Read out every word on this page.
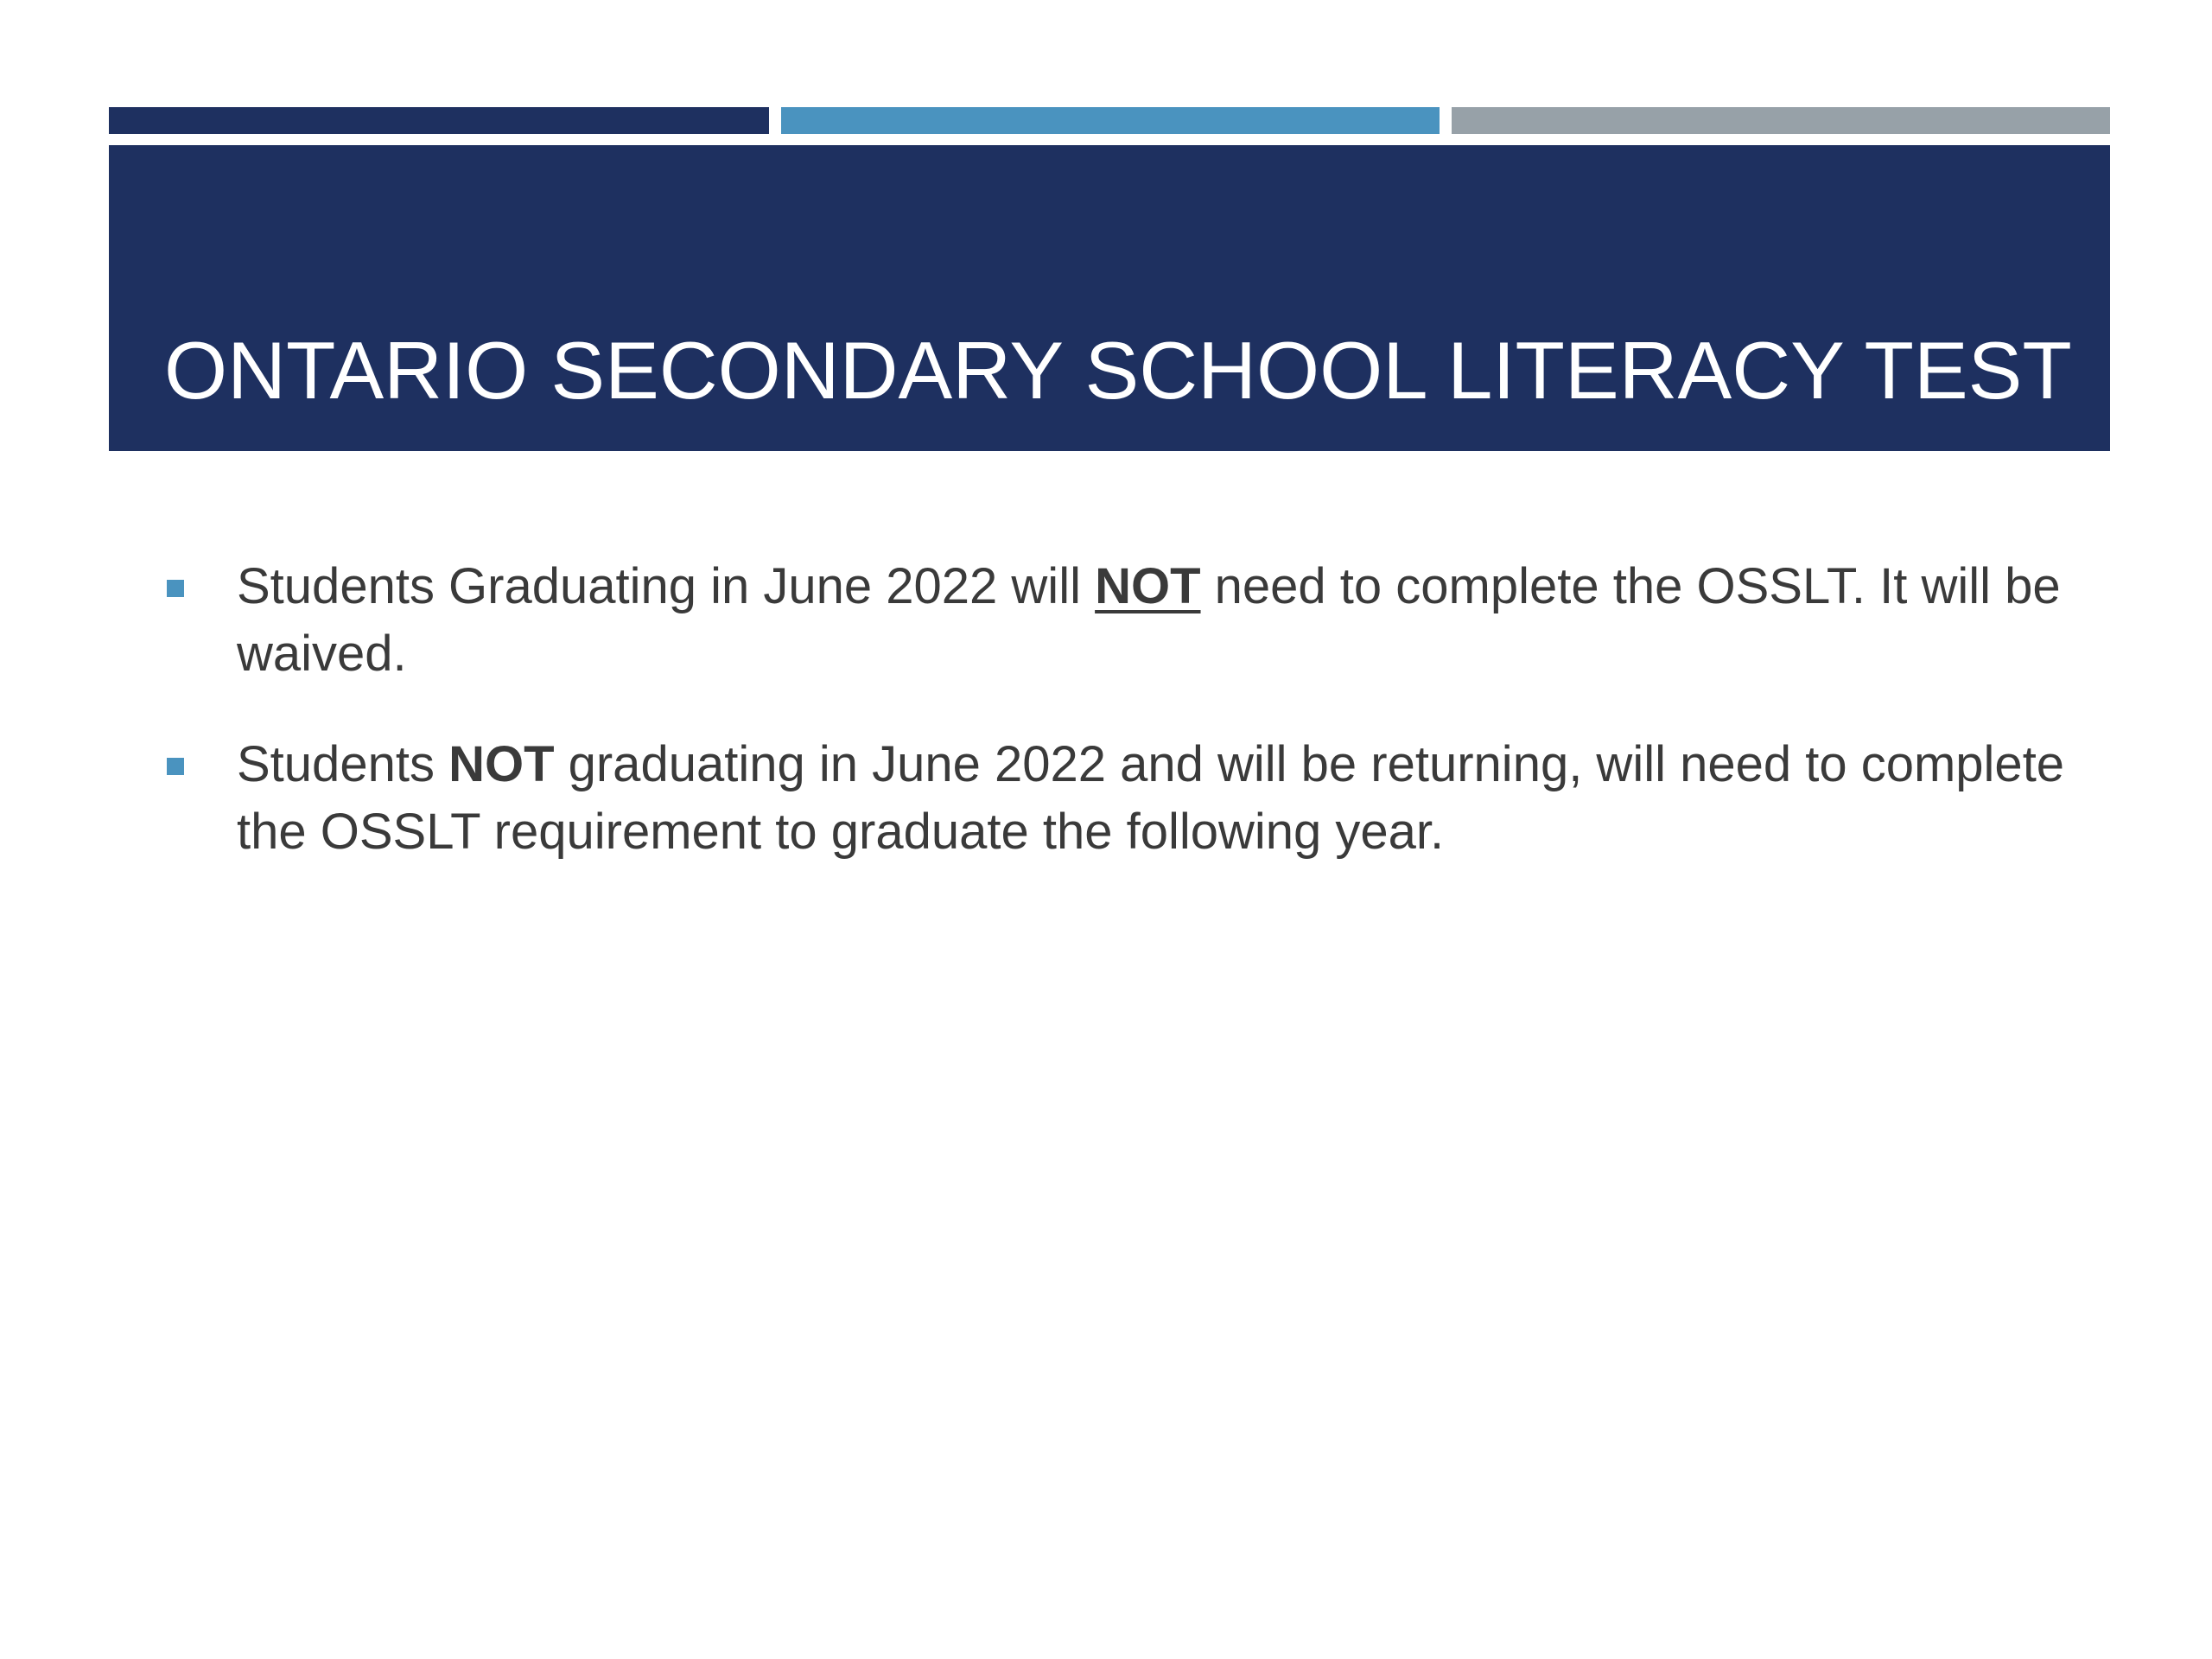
ONTARIO SECONDARY SCHOOL LITERACY TEST
Students Graduating in June 2022 will NOT need to complete the OSSLT. It will be waived.
Students NOT graduating in June 2022 and will be returning, will need to complete the OSSLT requirement to graduate the following year.
